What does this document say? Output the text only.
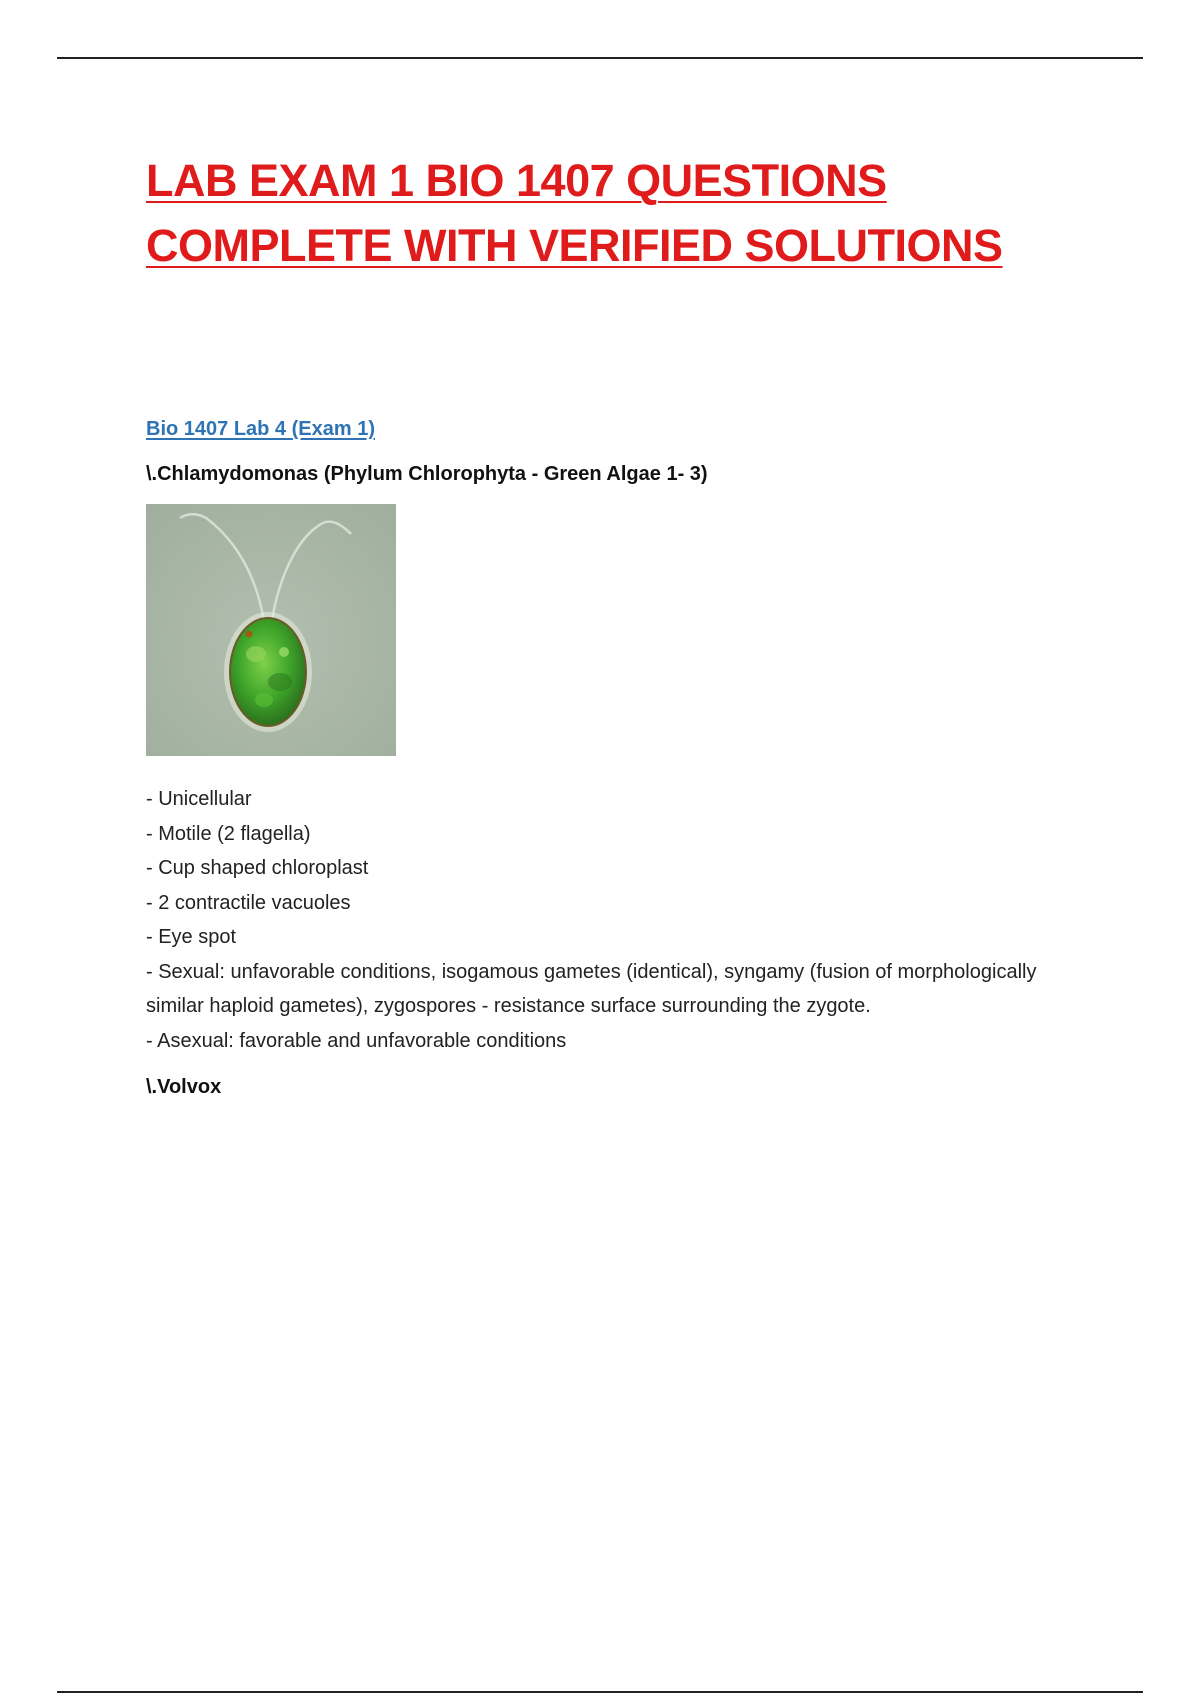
LAB EXAM 1 BIO 1407 QUESTIONS
COMPLETE WITH VERIFIED SOLUTIONS
Bio 1407 Lab 4 (Exam 1)

\.Chlamydomonas (Phylum Chlorophyta - Green Algae 1- 3)

- Unicellular
- Motile (2 flagella)
- Cup shaped chloroplast
- 2 contractile vacuoles
- Eye spot
- Sexual: unfavorable conditions, isogamous gametes (identical), syngamy (fusion of morphologically similar haploid gametes), zygospores - resistance surface surrounding the zygote.
- Asexual: favorable and unfavorable conditions

\.Volvox
